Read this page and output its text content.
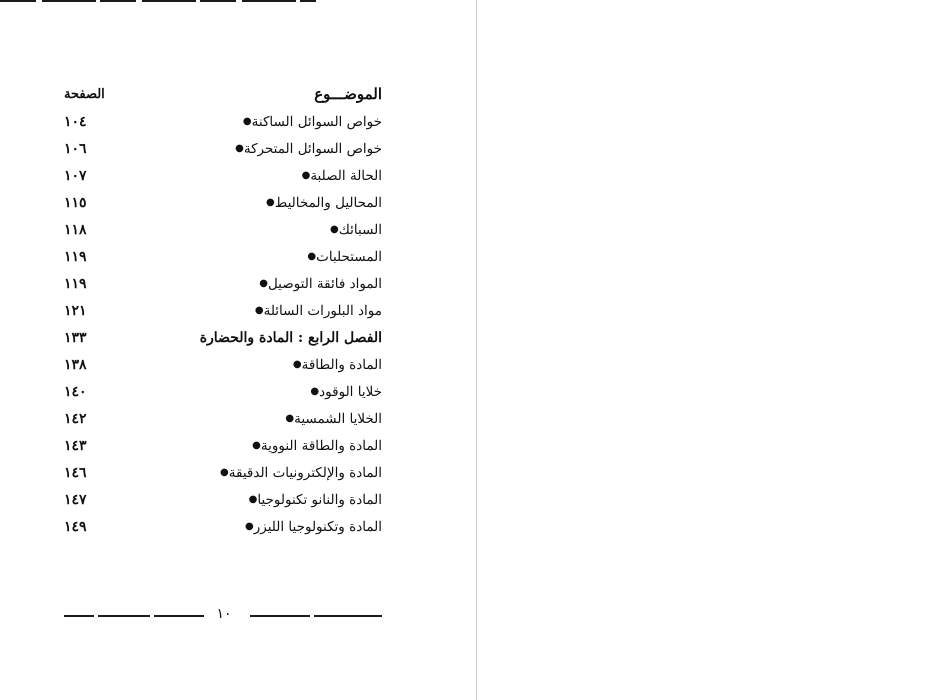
الموضـــوع
الصفحة
● خواص السوائل الساكنة
١٠٤
● خواص السوائل المتحركة
١٠٦
● الحالة الصلبة
١٠٧
● المحاليل والمخاليط
١١٥
● السبائك
١١٨
● المستحلبات
١١٩
● المواد فائقة التوصيل
١١٩
● مواد البلورات السائلة
١٢١
الفصل الرابع : المادة والحضارة
١٣٣
● المادة والطاقة
١٣٨
● خلايا الوقود
١٤٠
● الخلايا الشمسية
١٤٢
● المادة والطاقة النووية
١٤٣
● المادة والإلكترونيات الدقيقة
١٤٦
● المادة والنانو تكنولوجيا
١٤٧
● المادة وتكنولوجيا الليزر
١٤٩
١٠
